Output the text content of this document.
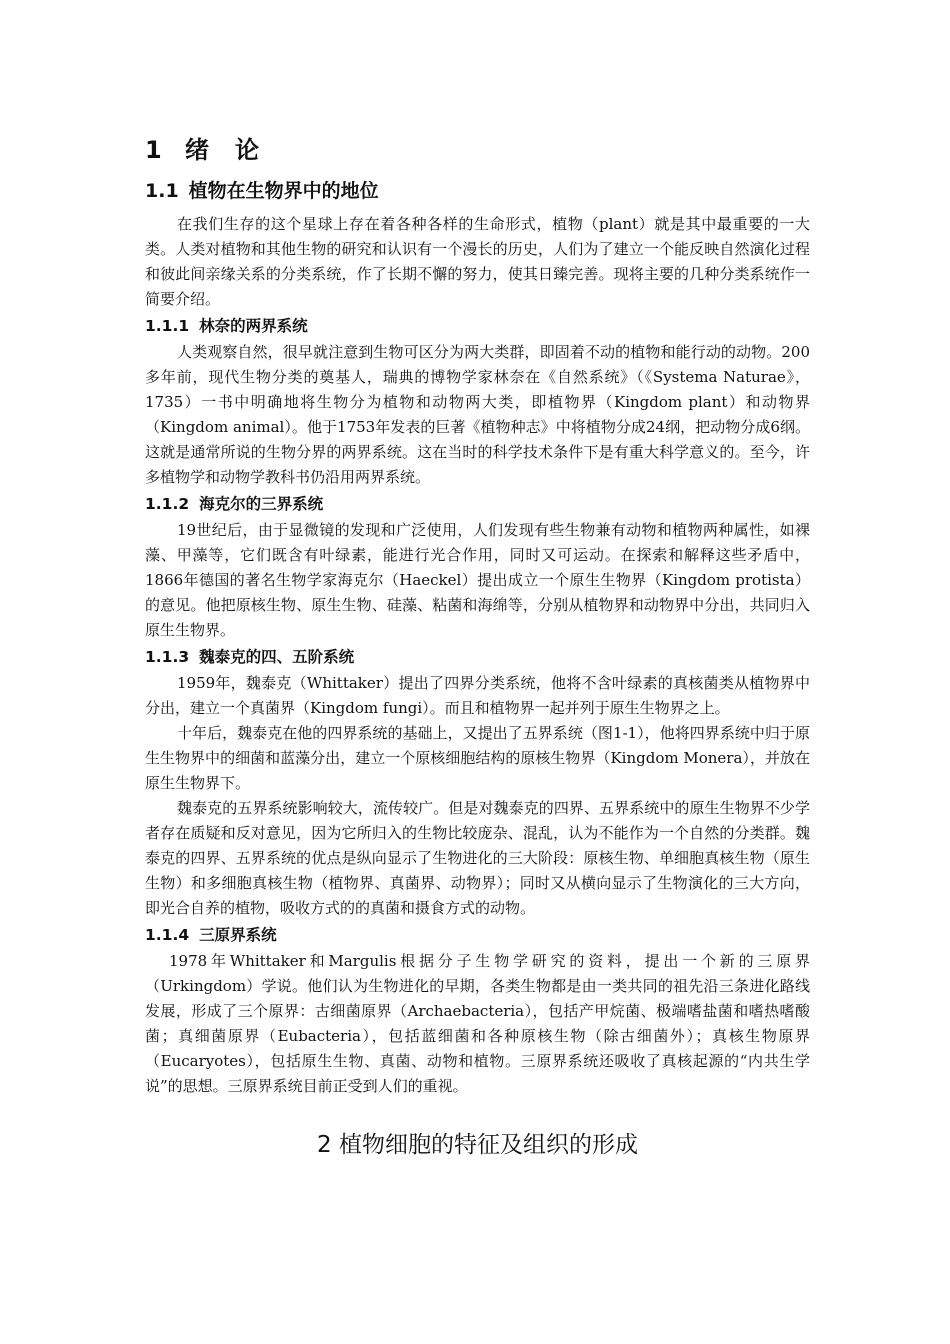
1 绪　论
1.1 植物在生物界中的地位

在我们生存的这个星球上存在着各种各样的生命形式，植物（plant）就是其中最重要的一大类。人类对植物和其他生物的研究和认识有一个漫长的历史，人们为了建立一个能反映自然演化过程和彼此间亲缘关系的分类系统，作了长期不懈的努力，使其日臻完善。现将主要的几种分类系统作一简要介绍。

1.1.1 林奈的两界系统

人类观察自然，很早就注意到生物可区分为两大类群，即固着不动的植物和能行动的动物。200多年前，现代生物分类的奠基人，瑞典的博物学家林奈在《自然系统》（《Systema Naturae》，1735）一书中明确地将生物分为植物和动物两大类，即植物界（Kingdom plant）和动物界（Kingdom animal）。他于1753年发表的巨著《植物种志》中将植物分成24纲，把动物分成6纲。这就是通常所说的生物分界的两界系统。这在当时的科学技术条件下是有重大科学意义的。至今，许多植物学和动物学教科书仍沿用两界系统。

1.1.2 海克尔的三界系统

19世纪后，由于显微镜的发现和广泛使用，人们发现有些生物兼有动物和植物两种属性，如裸藻、甲藻等，它们既含有叶绿素，能进行光合作用，同时又可运动。在探索和解释这些矛盾中，1866年德国的著名生物学家海克尔（Haeckel）提出成立一个原生生物界（Kingdom protista）的意见。他把原核生物、原生生物、硅藻、粘菌和海绵等，分别从植物界和动物界中分出，共同归入原生生物界。

1.1.3 魏泰克的四、五阶系统

1959年，魏泰克（Whittaker）提出了四界分类系统，他将不含叶绿素的真核菌类从植物界中分出，建立一个真菌界（Kingdom fungi）。而且和植物界一起并列于原生生物界之上。

十年后，魏泰克在他的四界系统的基础上，又提出了五界系统（图1-1），他将四界系统中归于原生生物界中的细菌和蓝藻分出，建立一个原核细胞结构的原核生物界（Kingdom Monera），并放在原生生物界下。

魏泰克的五界系统影响较大，流传较广。但是对魏泰克的四界、五界系统中的原生生物界不少学者存在质疑和反对意见，因为它所归入的生物比较庞杂、混乱，认为不能作为一个自然的分类群。魏泰克的四界、五界系统的优点是纵向显示了生物进化的三大阶段：原核生物、单细胞真核生物（原生生物）和多细胞真核生物（植物界、真菌界、动物界）；同时又从横向显示了生物演化的三大方向，即光合自养的植物，吸收方式的的真菌和摄食方式的动物。

1.1.4 三原界系统

1978年Whittaker和Margulis根据分子生物学研究的资料，提出一个新的三原界（Urkingdom）学说。他们认为生物进化的早期，各类生物都是由一类共同的祖先沿三条进化路线发展，形成了三个原界：古细菌原界（Archaebacteria），包括产甲烷菌、极端嗜盐菌和嗜热嗜酸菌；真细菌原界（Eubacteria），包括蓝细菌和各种原核生物（除古细菌外）；真核生物原界（Eucaryotes），包括原生生物、真菌、动物和植物。三原界系统还吸收了真核起源的“内共生学说”的思想。三原界系统目前正受到人们的重视。

2 植物细胞的特征及组织的形成
